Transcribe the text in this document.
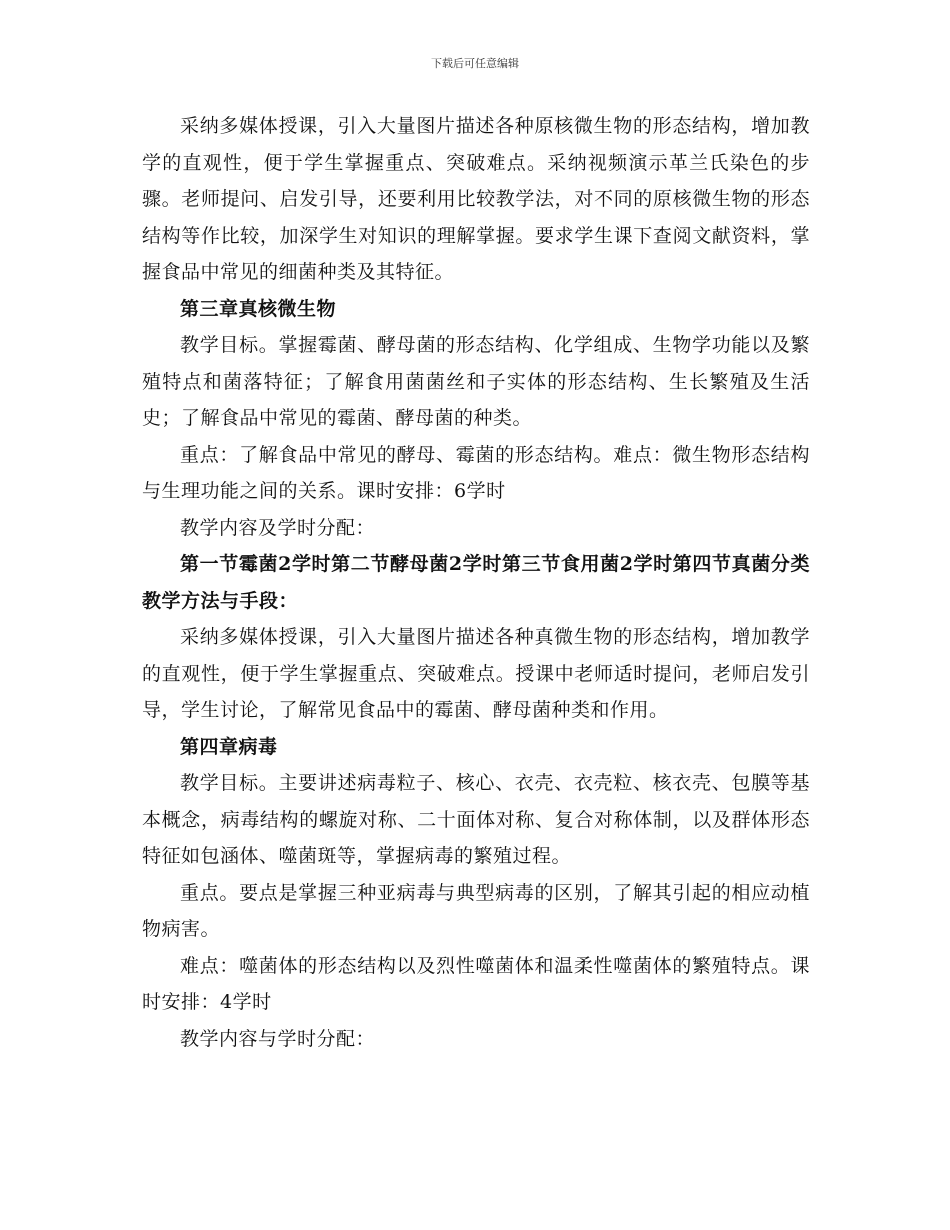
下载后可任意编辑

采纳多媒体授课，引入大量图片描述各种原核微生物的形态结构，增加教学的直观性，便于学生掌握重点、突破难点。采纳视频演示革兰氏染色的步骤。老师提问、启发引导，还要利用比较教学法，对不同的原核微生物的形态结构等作比较，加深学生对知识的理解掌握。要求学生课下查阅文献资料，掌握食品中常见的细菌种类及其特征。

第三章真核微生物

教学目标。掌握霉菌、酵母菌的形态结构、化学组成、生物学功能以及繁殖特点和菌落特征；了解食用菌菌丝和子实体的形态结构、生长繁殖及生活史；了解食品中常见的霉菌、酵母菌的种类。

重点：了解食品中常见的酵母、霉菌的形态结构。难点：微生物形态结构与生理功能之间的关系。课时安排：6学时

教学内容及学时分配：

第一节霉菌2学时第二节酵母菌2学时第三节食用菌2学时第四节真菌分类教学方法与手段：

采纳多媒体授课，引入大量图片描述各种真微生物的形态结构，增加教学的直观性，便于学生掌握重点、突破难点。授课中老师适时提问，老师启发引导，学生讨论，了解常见食品中的霉菌、酵母菌种类和作用。

第四章病毒

教学目标。主要讲述病毒粒子、核心、衣壳、衣壳粒、核衣壳、包膜等基本概念，病毒结构的螺旋对称、二十面体对称、复合对称体制，以及群体形态特征如包涵体、噬菌斑等，掌握病毒的繁殖过程。

重点。要点是掌握三种亚病毒与典型病毒的区别，了解其引起的相应动植物病害。

难点：噬菌体的形态结构以及烈性噬菌体和温柔性噬菌体的繁殖特点。课时安排：4学时

教学内容与学时分配：
